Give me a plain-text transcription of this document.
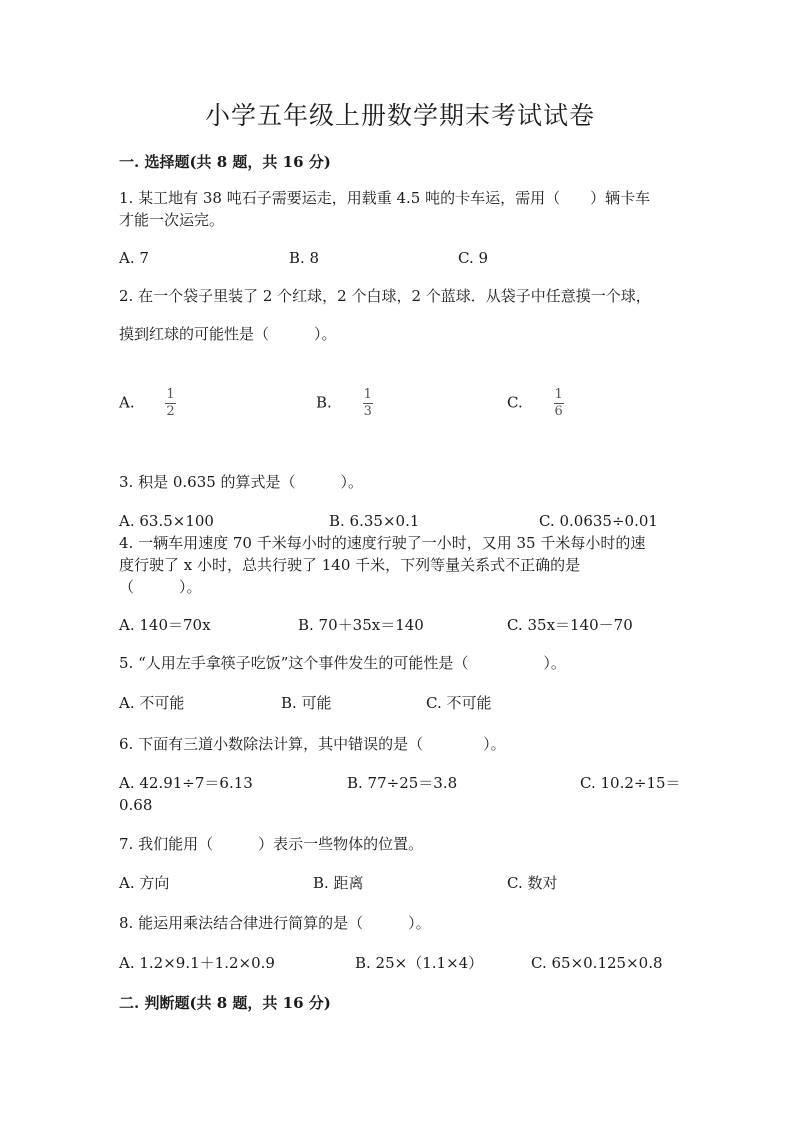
小学五年级上册数学期末考试试卷
一. 选择题(共 8 题，共 16 分)
1. 某工地有 38 吨石子需要运走，用载重 4.5 吨的卡车运，需用（　　）辆卡车
才能一次运完。
A. 7	B. 8	C. 9
2. 在一个袋子里装了 2 个红球，2 个白球，2 个蓝球．从袋子中任意摸一个球，
摸到红球的可能性是（　　　）。
A. $\frac{1}{2}$	B. $\frac{1}{3}$	C. $\frac{1}{6}$
3. 积是 0.635 的算式是（　　　）。
A. 63.5×100	B. 6.35×0.1	C. 0.0635÷0.01
4. 一辆车用速度 70 千米每小时的速度行驶了一小时，又用 35 千米每小时的速
度行驶了 x 小时，总共行驶了 140 千米，下列等量关系式不正确的是
（　　　）。
A. 140＝70x	B. 70＋35x＝140	C. 35x＝140－70
5. “人用左手拿筷子吃饭”这个事件发生的可能性是（　　　　　）。
A. 不可能	B. 可能	C. 不可能
6. 下面有三道小数除法计算，其中错误的是（　　　　）。
A. 42.91÷7＝6.13	B. 77÷25＝3.8	C. 10.2÷15＝
0.68
7. 我们能用（　　　）表示一些物体的位置。
A. 方向	B. 距离	C. 数对
8. 能运用乘法结合律进行简算的是（　　　）。
A. 1.2×9.1＋1.2×0.9	B. 25×（1.1×4）	C. 65×0.125×0.8
二. 判断题(共 8 题，共 16 分)
